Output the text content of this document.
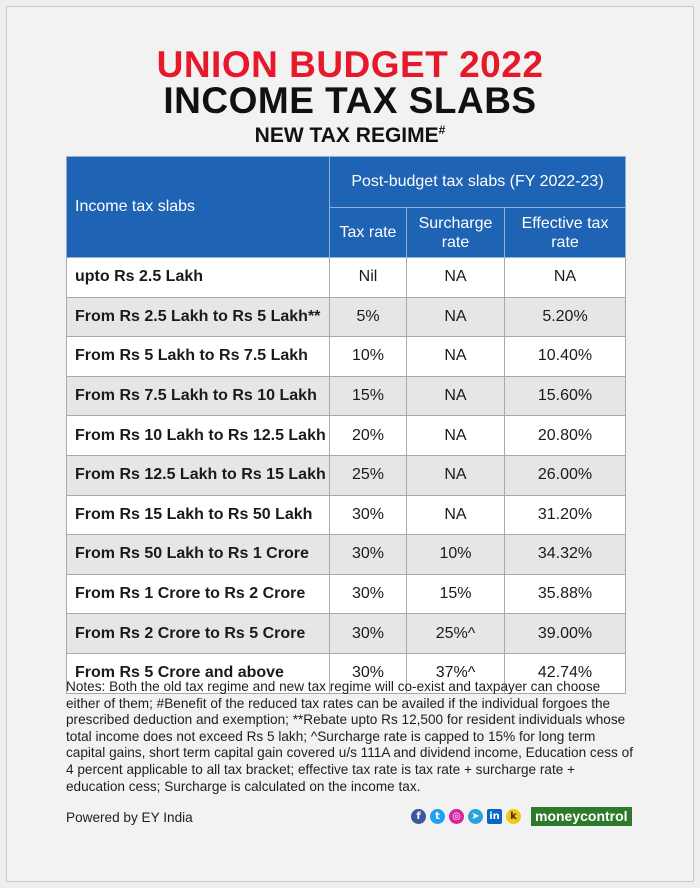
UNION BUDGET 2022
INCOME TAX SLABS
NEW TAX REGIME#
Income tax slabs	Post-budget tax slabs (FY 2022-23)		
	Tax rate	Surcharge rate	Effective tax rate
upto Rs 2.5 Lakh	Nil	NA	NA
From Rs 2.5 Lakh to Rs 5 Lakh**	5%	NA	5.20%
From Rs 5 Lakh to Rs 7.5 Lakh	10%	NA	10.40%
From Rs 7.5 Lakh to Rs 10 Lakh	15%	NA	15.60%
From Rs 10 Lakh to Rs 12.5 Lakh	20%	NA	20.80%
From Rs 12.5 Lakh to Rs 15 Lakh	25%	NA	26.00%
From Rs 15 Lakh to Rs 50 Lakh	30%	NA	31.20%
From Rs 50 Lakh to Rs 1 Crore	30%	10%	34.32%
From Rs 1 Crore to Rs 2 Crore	30%	15%	35.88%
From Rs 2 Crore to Rs 5 Crore	30%	25%^	39.00%
From Rs 5 Crore and above	30%	37%^	42.74%
Notes: Both the old tax regime and new tax regime will co-exist and taxpayer can choose either of them; #Benefit of the reduced tax rates can be availed if the individual forgoes the prescribed deduction and exemption; **Rebate upto Rs 12,500 for resident individuals whose total income does not exceed Rs 5 lakh; ^Surcharge rate is capped to 15% for long term capital gains, short term capital gain covered u/s 111A and dividend income, Education cess of 4 percent applicable to all tax bracket; effective tax rate is tax rate + surcharge rate + education cess; Surcharge is calculated on the income tax.
Powered by EY India	f	t	◎	➤ in	k moneycontrol
